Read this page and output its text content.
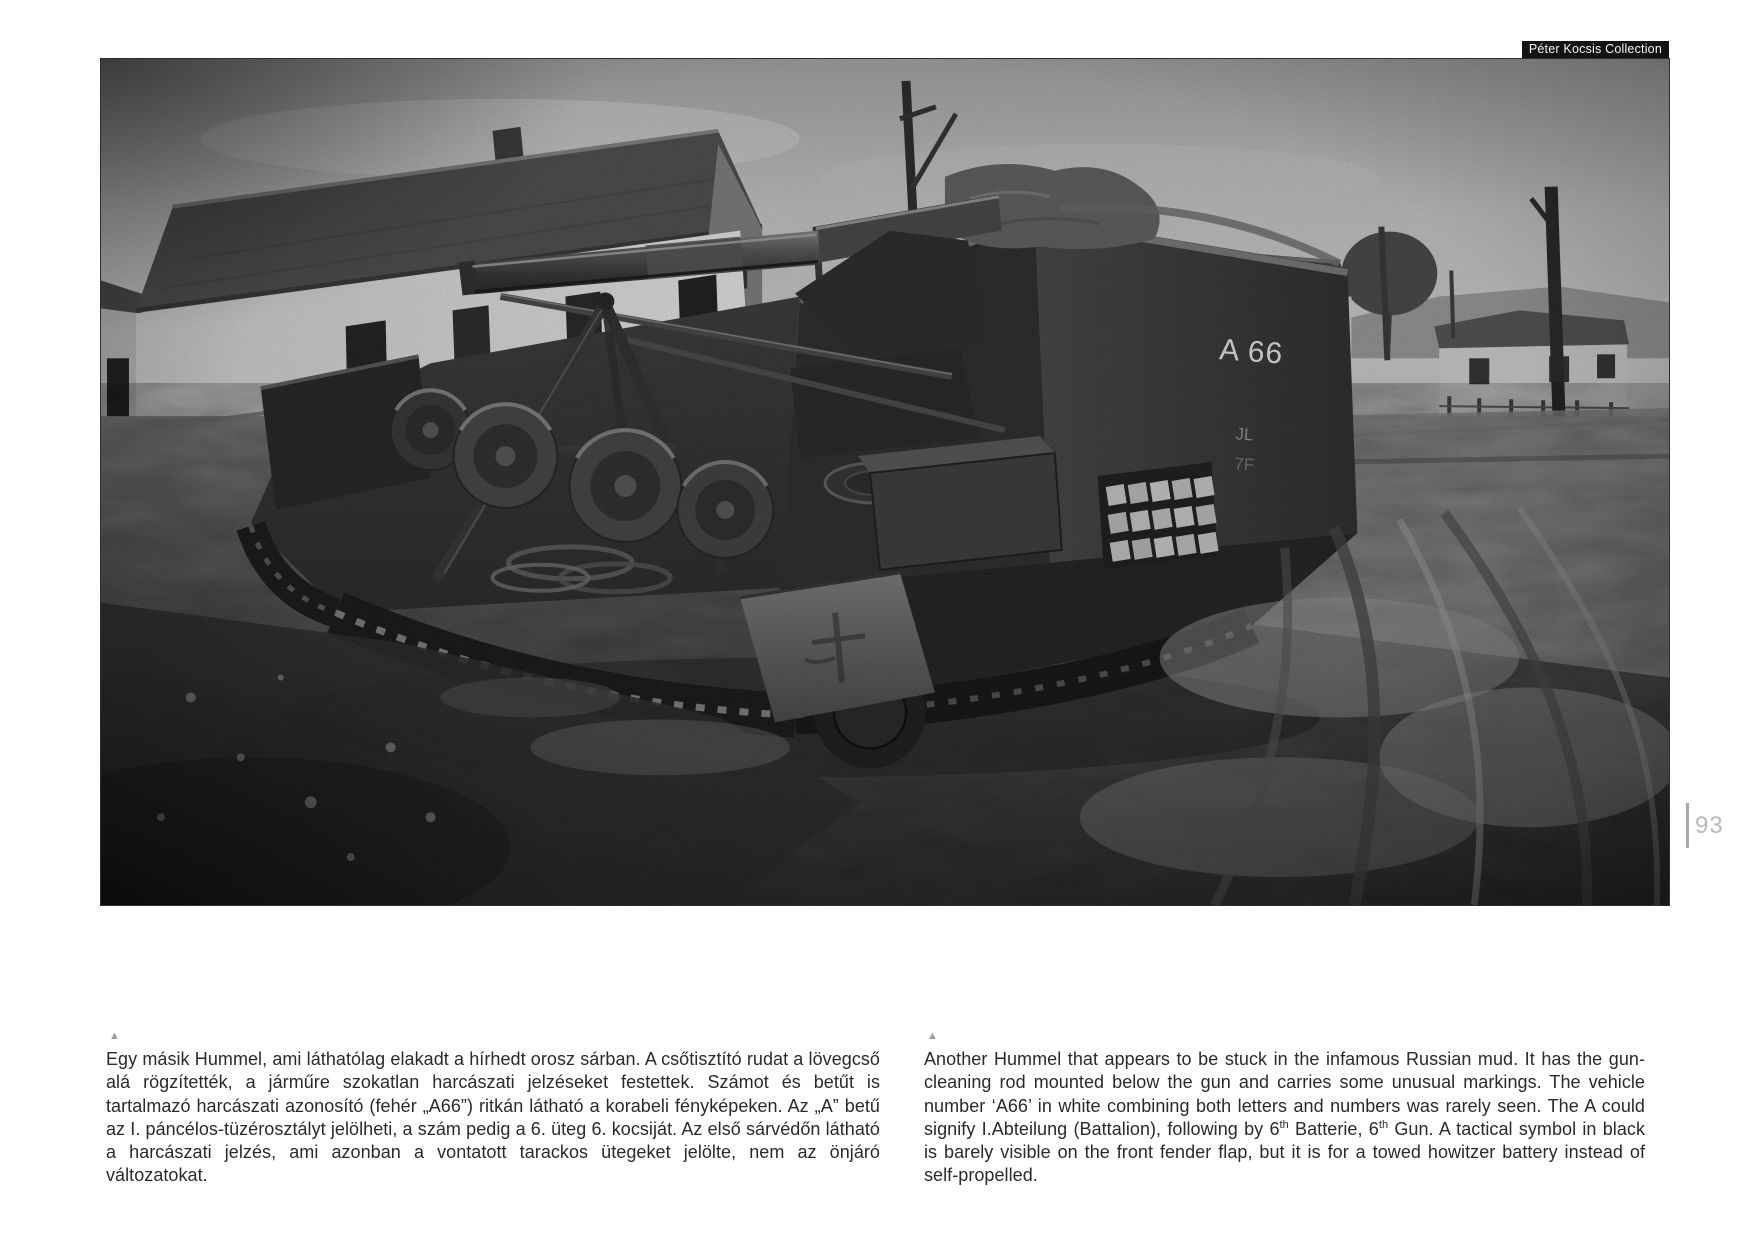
Péter Kocsis Collection
93
▲

Egy másik Hummel, ami láthatólag elakadt a hírhedt orosz sárban. A csőtisztító rudat a lövegcső alá rögzítették, a járműre szokatlan harcászati jelzéseket festettek. Számot és betűt is tartalmazó harcászati azonosító (fehér „A66”) ritkán látható a korabeli fényképeken. Az „A” betű az I. páncélos-tüzérosztályt jelölheti, a szám pedig a 6. üteg 6. kocsiját. Az első sárvédőn látható a harcászati jelzés, ami azonban a vontatott tarackos ütegeket jelölte, nem az önjáró változatokat.

▲

Another Hummel that appears to be stuck in the infamous Russian mud. It has the gun-cleaning rod mounted below the gun and carries some unusual markings. The vehicle number ‘A66’ in white combining both letters and numbers was rarely seen. The A could signify I.Abteilung (Battalion), following by 6th Batterie, 6th Gun. A tactical symbol in black is barely visible on the front fender flap, but it is for a towed howitzer battery instead of self-propelled.
